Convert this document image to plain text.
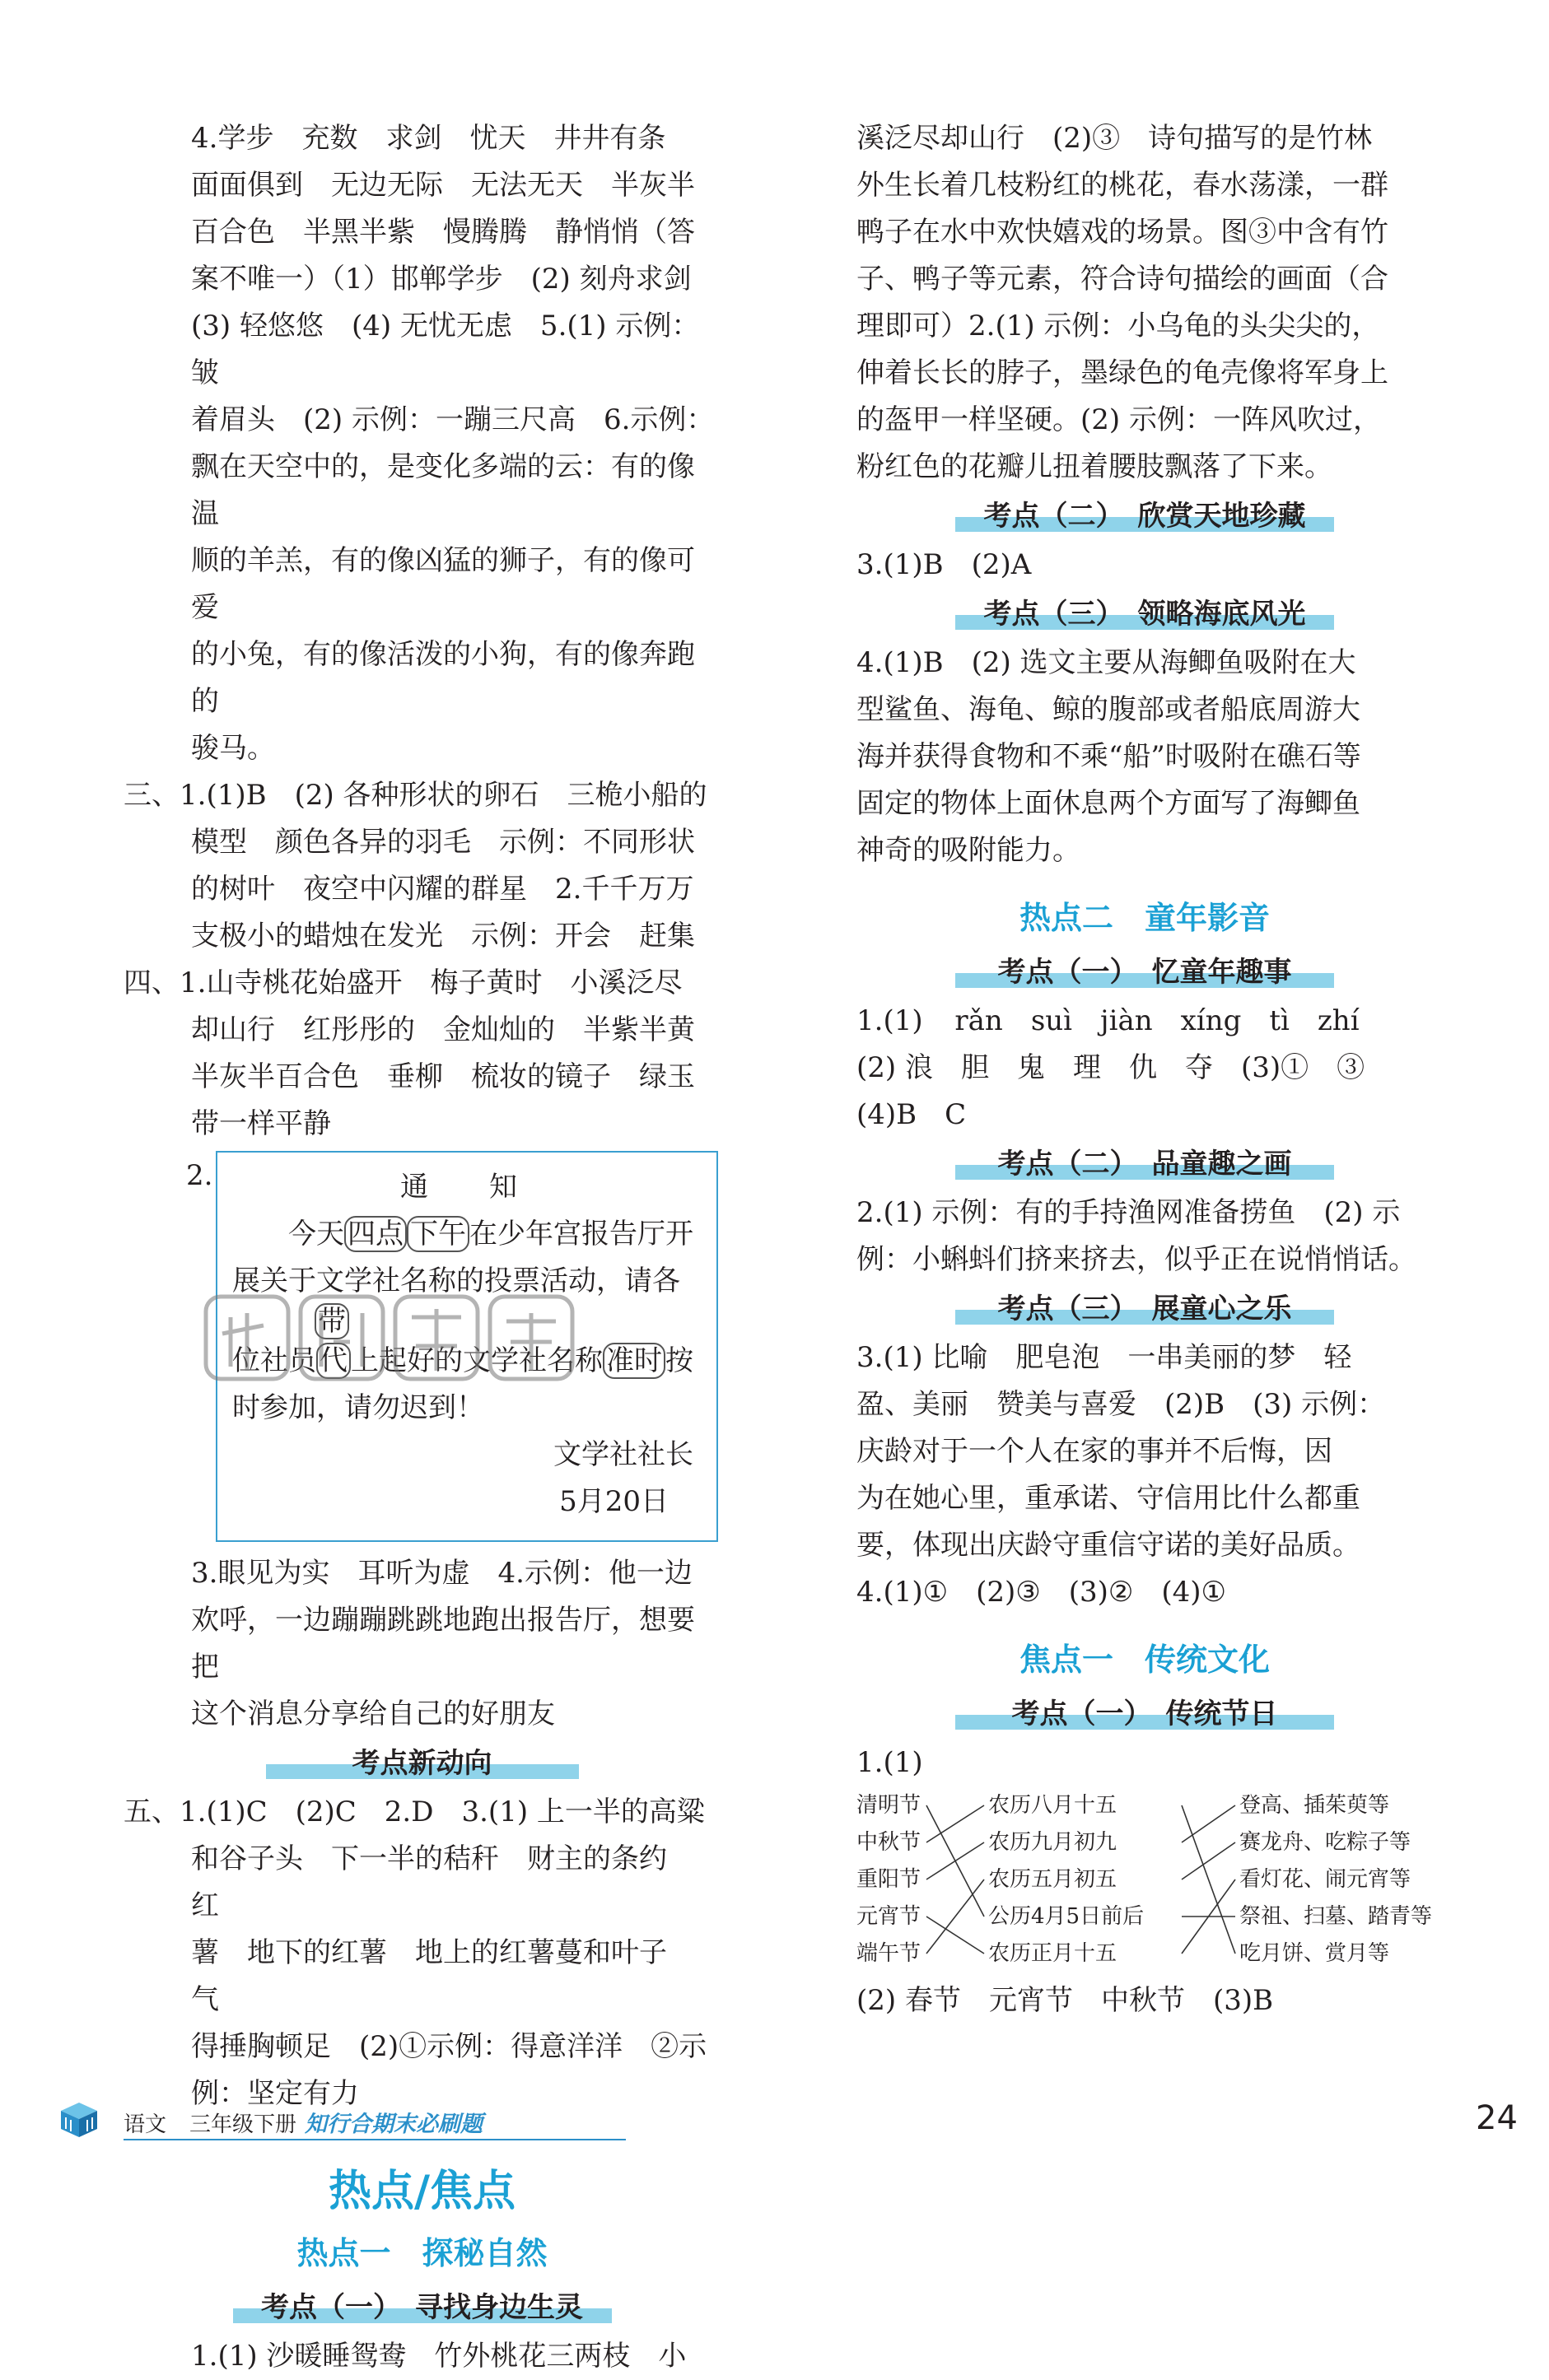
4.学步　充数　求剑　忧天　井井有条

面面俱到　无边无际　无法无天　半灰半

百合色　半黑半紫　慢腾腾　静悄悄（答

案不唯一）（1）邯郸学步　(2) 刻舟求剑

(3) 轻悠悠　(4) 无忧无虑　5.(1) 示例：皱

着眉头　(2) 示例：一蹦三尺高　6.示例：

飘在天空中的，是变化多端的云：有的像温

顺的羊羔，有的像凶猛的狮子，有的像可爱

的小兔，有的像活泼的小狗，有的像奔跑的

骏马。

三、1.(1)B　(2) 各种形状的卵石　三桅小船的

模型　颜色各异的羽毛　示例：不同形状

的树叶　夜空中闪耀的群星　2.千千万万

支极小的蜡烛在发光　示例：开会　赶集

四、1.山寺桃花始盛开　梅子黄时　小溪泛尽

却山行　红彤彤的　金灿灿的　半紫半黄

半灰半百合色　垂柳　梳妆的镜子　绿玉

带一样平静

2.	通　知

今天 四点 下午 在少年宫报告厅开

展关于文学社名称的投票活动，请各

带

位社员 代 上起好的文学社名称 准时 按

时参加，请勿迟到！

文学社社长

5月20日

3.眼见为实　耳听为虚　4.示例：他一边

欢呼，一边蹦蹦跳跳地跑出报告厅，想要把

这个消息分享给自己的好朋友

考点新动向

五、1.(1)C　(2)C　2.D　3.(1) 上一半的高粱

和谷子头　下一半的秸秆　财主的条约　红

薯　地下的红薯　地上的红薯蔓和叶子　气

得捶胸顿足　(2)①示例：得意洋洋　②示

例：坚定有力

热点/焦点

热点一　探秘自然

考点（一）　寻找身边生灵

1.(1) 沙暖睡鸳鸯　竹外桃花三两枝　小

溪泛尽却山行　(2)③　诗句描写的是竹林

外生长着几枝粉红的桃花，春水荡漾，一群

鸭子在水中欢快嬉戏的场景。图③中含有竹

子、鸭子等元素，符合诗句描绘的画面（合

理即可）2.(1) 示例：小乌龟的头尖尖的，

伸着长长的脖子，墨绿色的龟壳像将军身上

的盔甲一样坚硬。(2) 示例：一阵风吹过，

粉红色的花瓣儿扭着腰肢飘落了下来。

考点（二）　欣赏天地珍藏

3.(1)B　(2)A

考点（三）　领略海底风光

4.(1)B　(2) 选文主要从海鲫鱼吸附在大

型鲨鱼、海龟、鲸的腹部或者船底周游大

海并获得食物和不乘“船”时吸附在礁石等

固定的物体上面休息两个方面写了海鲫鱼

神奇的吸附能力。

热点二　童年影音

考点（一）　忆童年趣事

1.(1) rǎn　suì　jiàn　xíng　tì　zhí

(2) 浪　胆　鬼　理　仇　夺　(3)①　③

(4)B　C

考点（二）　品童趣之画

2.(1) 示例：有的手持渔网准备捞鱼　(2) 示

例：小蝌蚪们挤来挤去，似乎正在说悄悄话。

考点（三）　展童心之乐

3.(1) 比喻　肥皂泡　一串美丽的梦　轻

盈、美丽　赞美与喜爱　(2)B　(3) 示例：

庆龄对于一个人在家的事并不后悔，因

为在她心里，重承诺、守信用比什么都重

要，体现出庆龄守重信守诺的美好品质。

4.(1)①　(2)③　(3)②　(4)①

焦点一　传统文化

考点（一）　传统节日

1.(1)

清明节
中秋节
重阳节
元宵节
端午节
农历八月十五
农历九月初九
农历五月初五
公历4月5日前后
农历正月十五
登高、插茱萸等
赛龙舟、吃粽子等
看灯花、闹元宵等
祭祖、扫墓、踏青等
吃月饼、赏月等

(2) 春节　元宵节　中秋节　(3)B

语文 三年级下册 知行合期末必刷题	24
